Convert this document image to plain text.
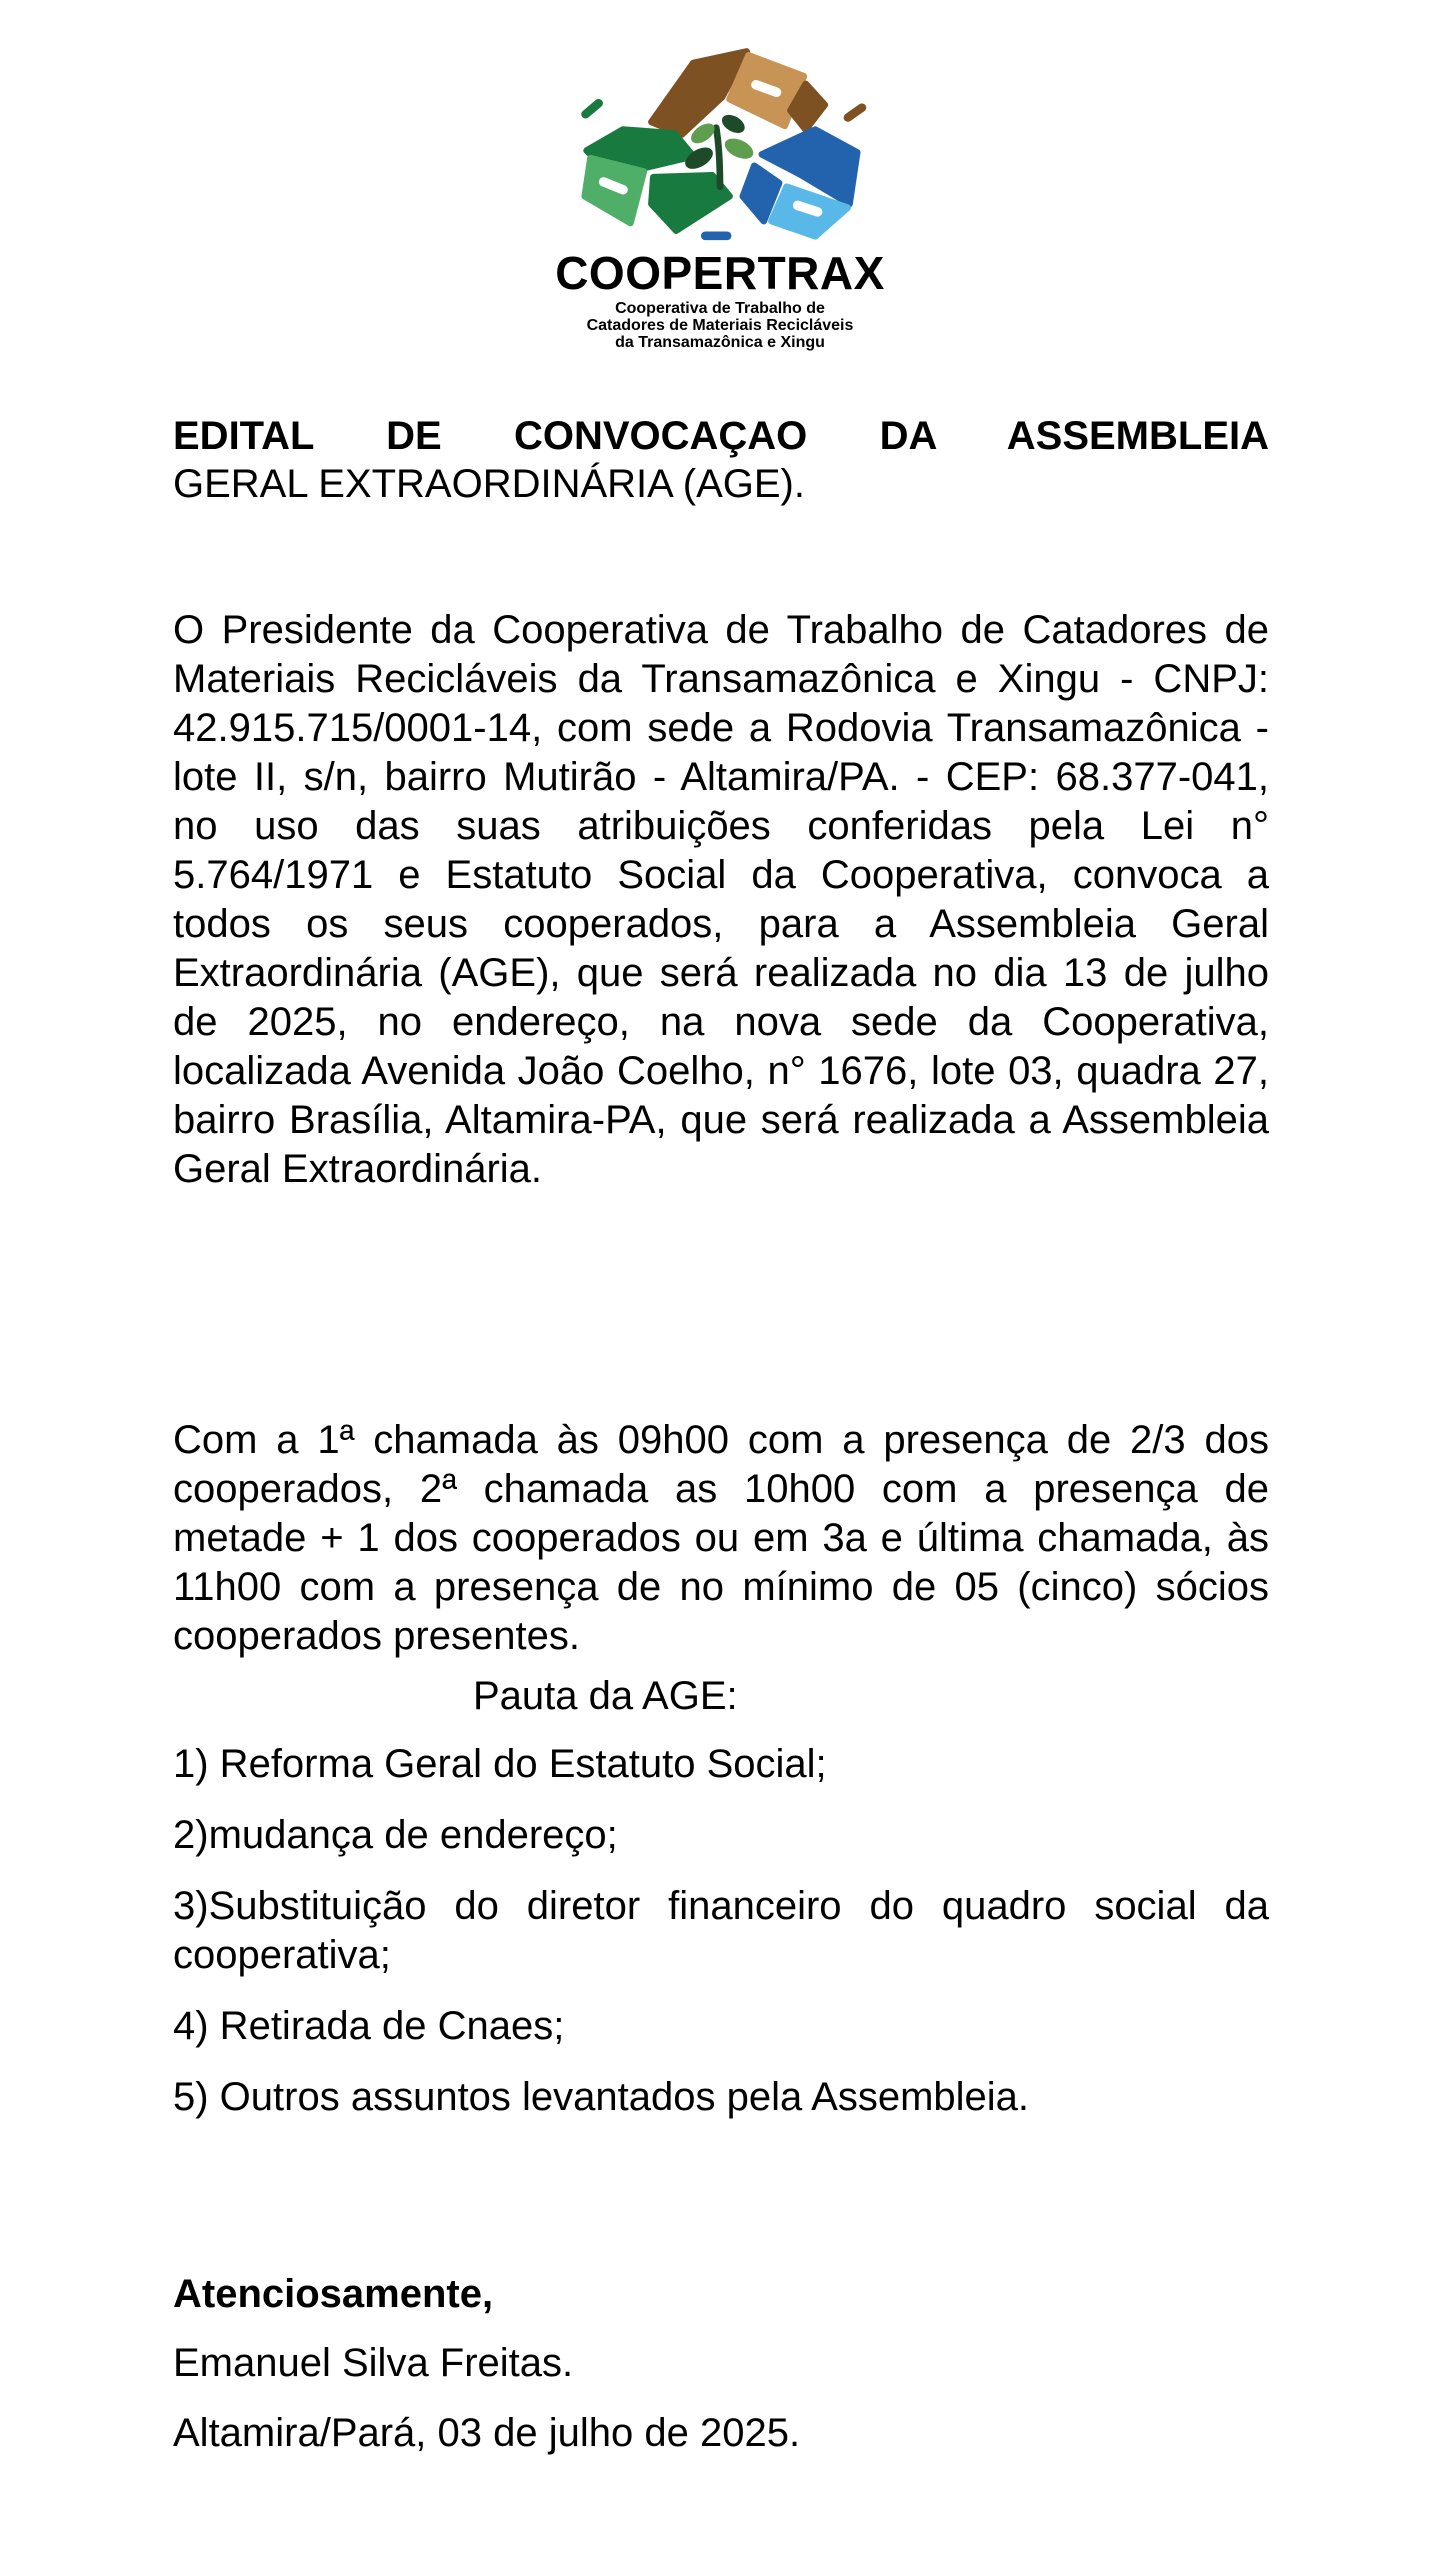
COOPERTRAX
Cooperativa de Trabalho de
Catadores de Materiais Recicláveis
da Transamazônica e Xingu
EDITAL DE CONVOCAÇAO DA ASSEMBLEIA
GERAL EXTRAORDINÁRIA (AGE).
O Presidente da Cooperativa de Trabalho de Catadores de Materiais Recicláveis da Transamazônica e Xingu - CNPJ: 42.915.715/0001-14, com sede a Rodovia Transamazônica - lote II, s/n, bairro Mutirão - Altamira/PA. - CEP: 68.377-041, no uso das suas atribuições conferidas pela Lei n° 5.764/1971 e Estatuto Social da Cooperativa, convoca a todos os seus cooperados, para a Assembleia Geral Extraordinária (AGE), que será realizada no dia 13 de julho de 2025, no endereço, na nova sede da Cooperativa, localizada Avenida João Coelho, n° 1676, lote 03, quadra 27, bairro Brasília, Altamira-PA, que será realizada a Assembleia Geral Extraordinária.
Com a 1ª chamada às 09h00 com a presença de 2/3 dos cooperados, 2ª chamada as 10h00 com a presença de metade + 1 dos cooperados ou em 3a e última chamada, às 11h00 com a presença de no mínimo de 05 (cinco) sócios cooperados presentes.
Pauta da AGE:
1) Reforma Geral do Estatuto Social;
2)mudança de endereço;
3)Substituição do diretor financeiro do quadro social da cooperativa;
4) Retirada de Cnaes;
5) Outros assuntos levantados pela Assembleia.
Atenciosamente,
Emanuel Silva Freitas.
Altamira/Pará, 03 de julho de 2025.
